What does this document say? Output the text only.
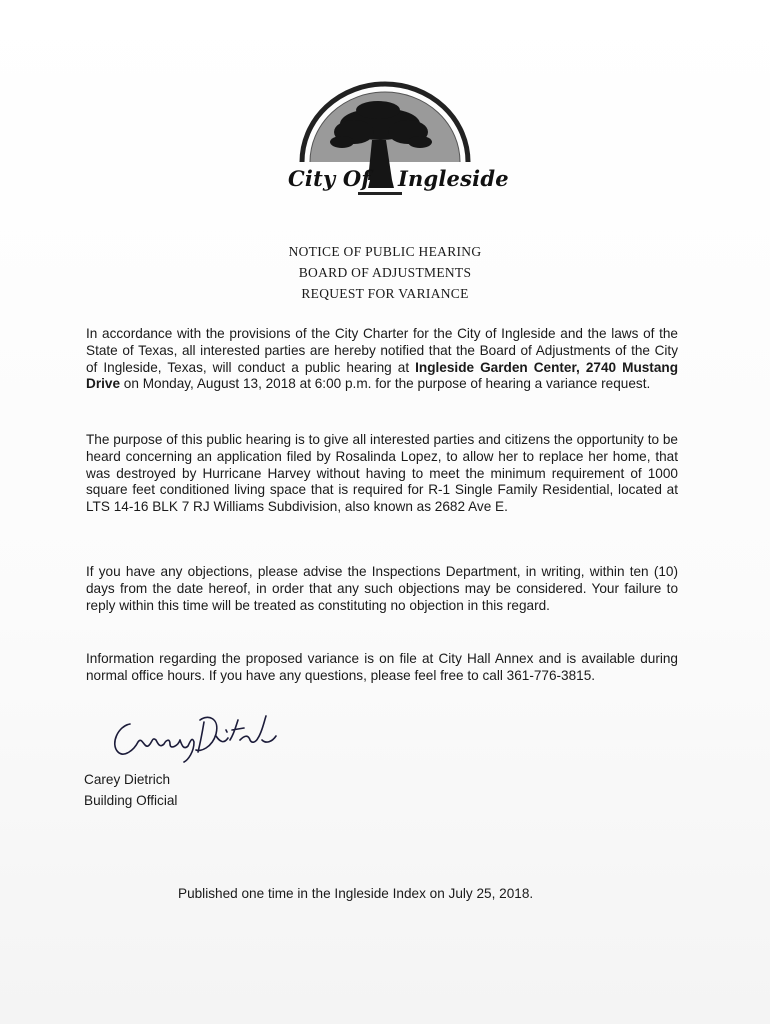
City Of Ingleside
NOTICE OF PUBLIC HEARING
BOARD OF ADJUSTMENTS
REQUEST FOR VARIANCE

In accordance with the provisions of the City Charter for the City of Ingleside and the laws of the State of Texas, all interested parties are hereby notified that the Board of Adjustments of the City of Ingleside, Texas, will conduct a public hearing at Ingleside Garden Center, 2740 Mustang Drive on Monday, August 13, 2018 at 6:00 p.m. for the purpose of hearing a variance request.

The purpose of this public hearing is to give all interested parties and citizens the opportunity to be heard concerning an application filed by Rosalinda Lopez, to allow her to replace her home, that was destroyed by Hurricane Harvey without having to meet the minimum requirement of 1000 square feet conditioned living space that is required for R-1 Single Family Residential, located at LTS 14-16 BLK 7 RJ Williams Subdivision, also known as 2682 Ave E.

If you have any objections, please advise the Inspections Department, in writing, within ten (10) days from the date hereof, in order that any such objections may be considered. Your failure to reply within this time will be treated as constituting no objection in this regard.

Information regarding the proposed variance is on file at City Hall Annex and is available during normal office hours. If you have any questions, please feel free to call 361-776-3815.

Carey Dietrich
Building Official
Published one time in the Ingleside Index on July 25, 2018.
